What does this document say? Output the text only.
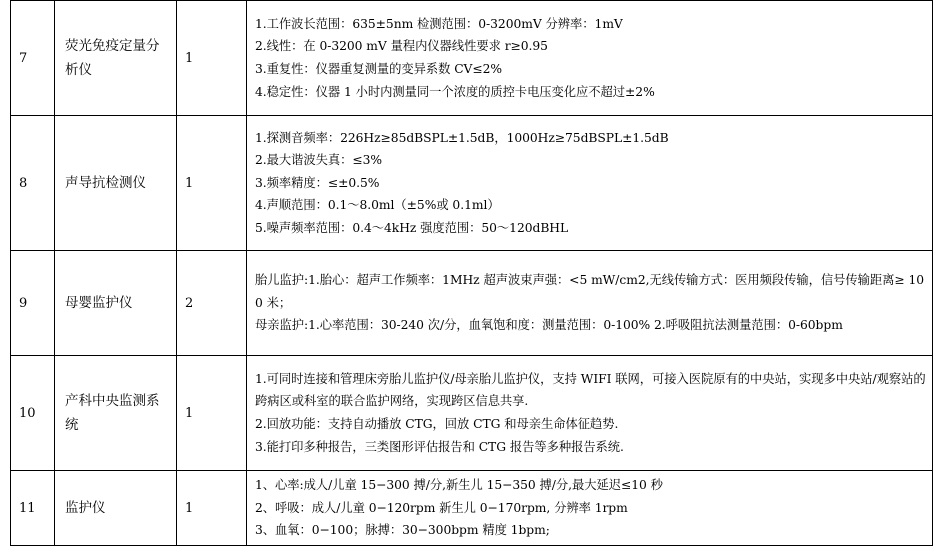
7	荧光免疫定量分析仪	1	1.工作波长范围：635±5nm 检测范围：0-3200mV 分辨率：1mV
2.线性：在 0-3200 mV 量程内仪器线性要求 r≥0.95
3.重复性：仪器重复测量的变异系数 CV≤2%
4.稳定性：仪器 1 小时内测量同一个浓度的质控卡电压变化应不超过±2%

8	声导抗检测仪	1	1.探测音频率：226Hz≥85dBSPL±1.5dB，1000Hz≥75dBSPL±1.5dB
2.最大谐波失真：≤3%
3.频率精度：≤±0.5%
4.声顺范围：0.1～8.0ml（±5%或 0.1ml）
5.噪声频率范围：0.4～4kHz 强度范围：50～120dBHL

9	母婴监护仪	2	胎儿监护:1.胎心：超声工作频率：1MHz 超声波束声强：<5 mW/cm2,无线传输方式：医用频段传输，信号传输距离≥ 100 米；
母亲监护:1.心率范围：30-240 次/分，血氧饱和度：测量范围：0-100% 2.呼吸阻抗法测量范围：0-60bpm

10	产科中央监测系统	1	1.可同时连接和管理床旁胎儿监护仪/母亲胎儿监护仪，支持 WIFI 联网，可接入医院原有的中央站，实现多中央站/观察站的跨病区或科室的联合监护网络，实现跨区信息共享.
2.回放功能：支持自动播放 CTG，回放 CTG 和母亲生命体征趋势.
3.能打印多种报告，三类图形评估报告和 CTG 报告等多种报告系统.

11	监护仪	1	1、心率:成人/儿童 15−300 搏/分,新生儿 15−350 搏/分,最大延迟≤10 秒
2、呼吸：成人/儿童 0−120rpm 新生儿 0−170rpm, 分辨率 1rpm
3、血氧：0−100；脉搏：30−300bpm 精度 1bpm;
